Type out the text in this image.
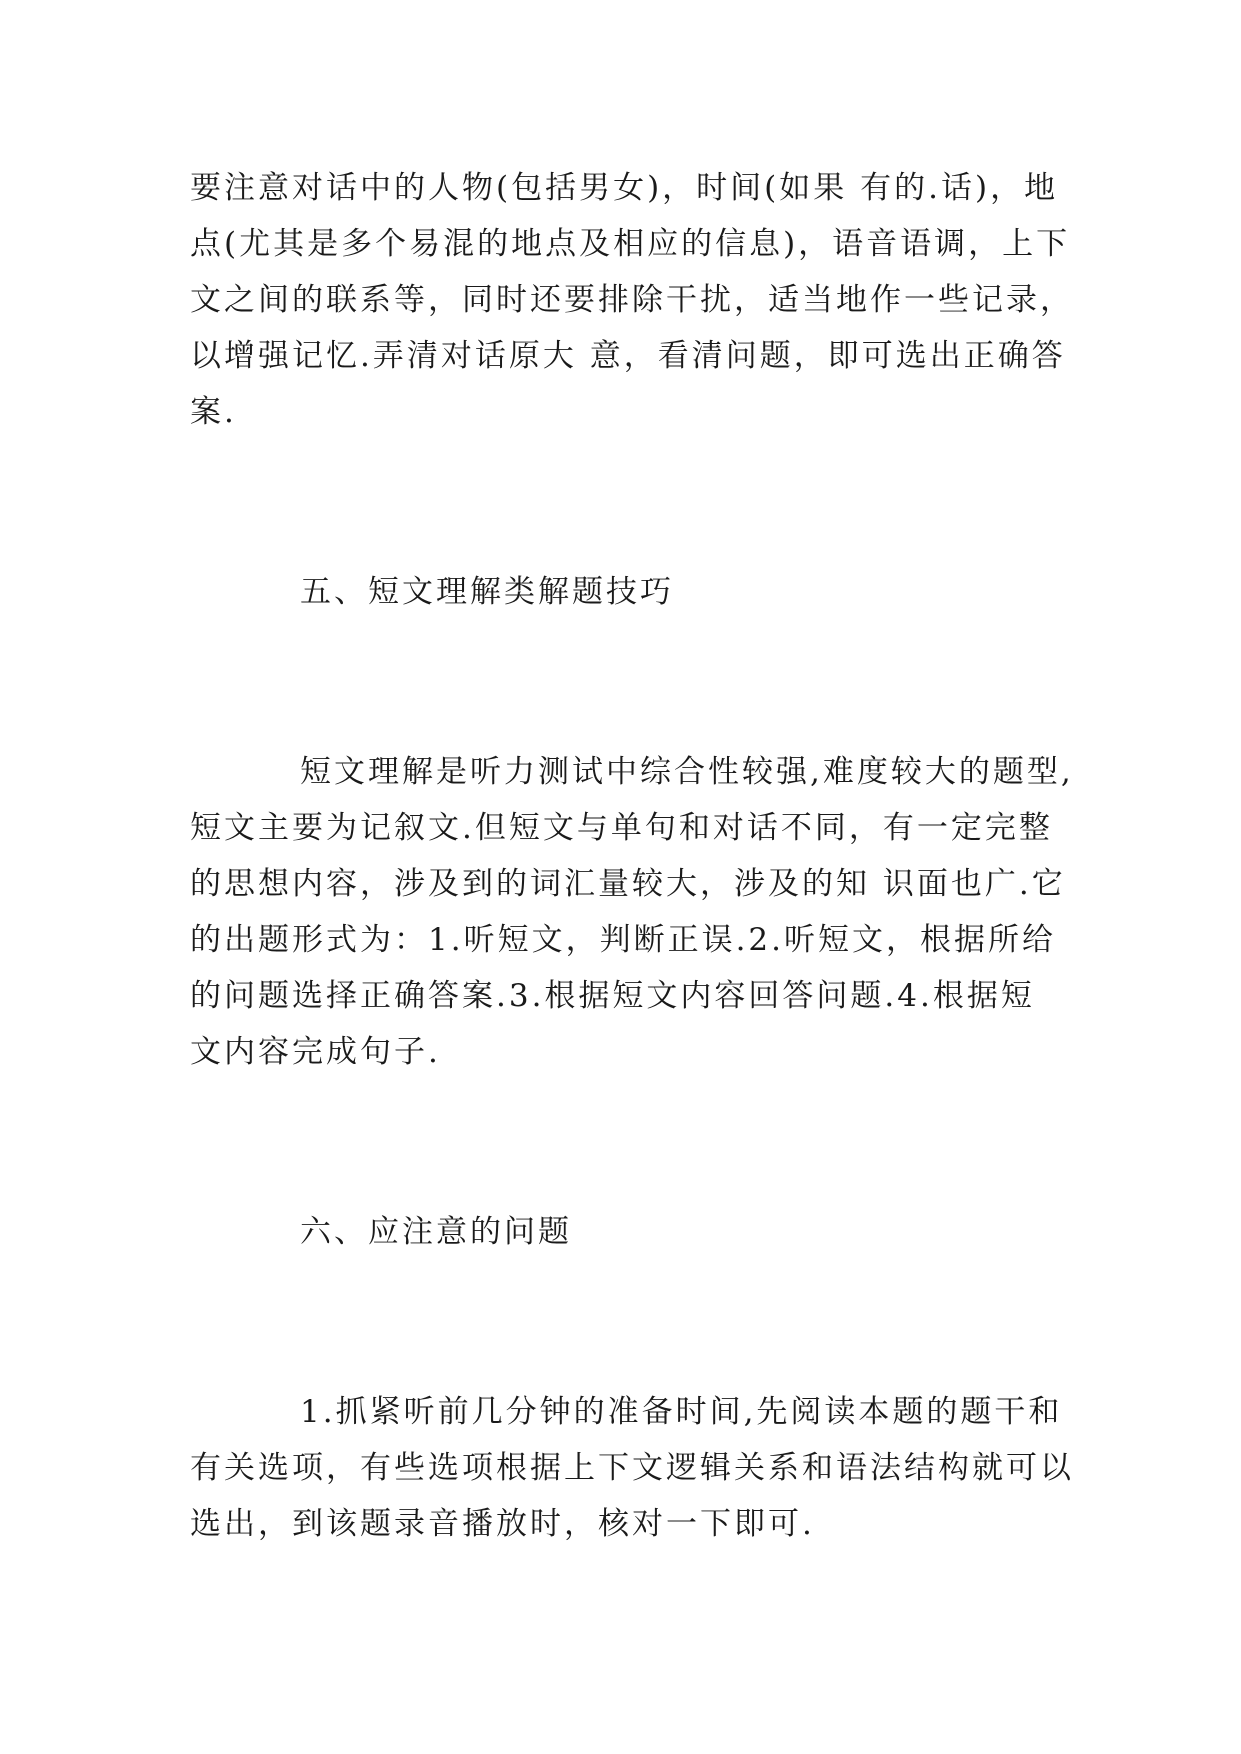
要注意对话中的人物(包括男女)，时间(如果 有的.话)，地
点(尤其是多个易混的地点及相应的信息)，语音语调，上下
文之间的联系等，同时还要排除干扰，适当地作一些记录，
以增强记忆.弄清对话原大 意，看清问题，即可选出正确答
案.
五、短文理解类解题技巧
短文理解是听力测试中综合性较强,难度较大的题型,
短文主要为记叙文.但短文与单句和对话不同，有一定完整
的思想内容，涉及到的词汇量较大，涉及的知 识面也广.它
的出题形式为：1.听短文，判断正误.2.听短文，根据所给
的问题选择正确答案.3.根据短文内容回答问题.4.根据短
文内容完成句子.
六、应注意的问题
1.抓紧听前几分钟的准备时间,先阅读本题的题干和
有关选项，有些选项根据上下文逻辑关系和语法结构就可以
选出，到该题录音播放时，核对一下即可.
